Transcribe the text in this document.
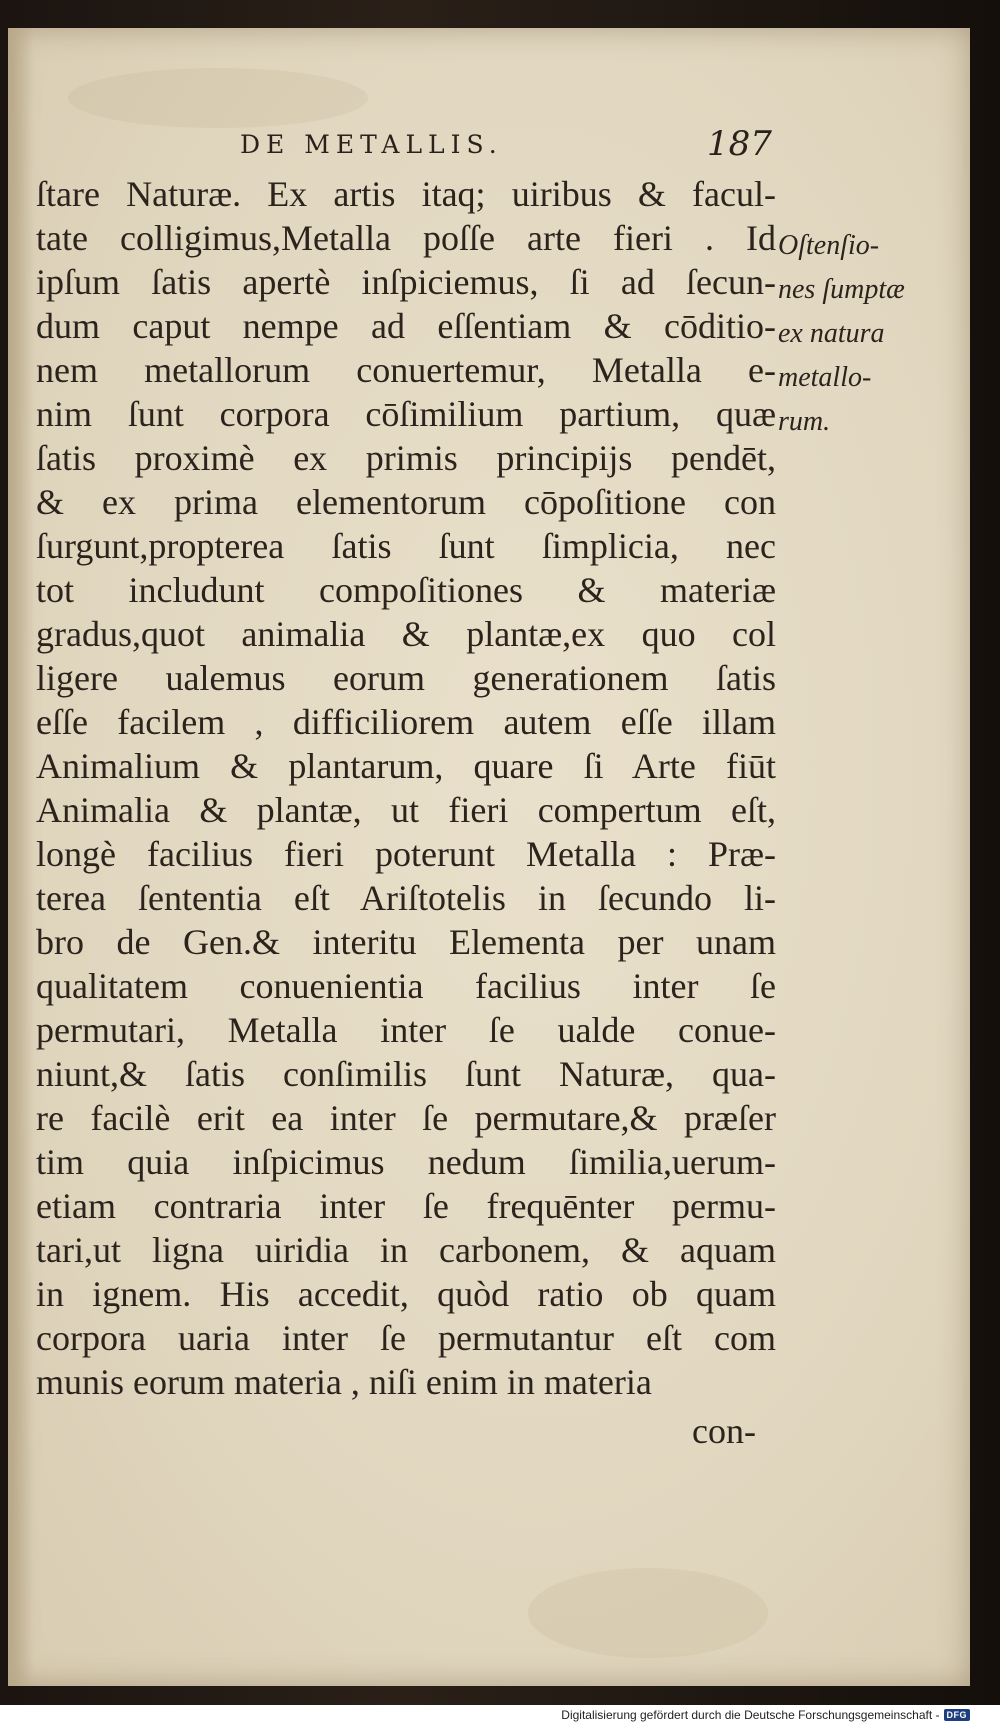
DE METALLIS.	187
ſtare Naturæ. Ex artis itaq; uiribus & facul-
tate colligimus,Metalla poſſe arte fieri . Id
ipſum ſatis apertè inſpiciemus, ſi ad ſecun-
dum caput nempe ad eſſentiam & cōditio-
nem metallorum conuertemur, Metalla e-
nim ſunt corpora cōſimilium partium, quæ
ſatis proximè ex primis principijs pendēt,
& ex prima elementorum cōpoſitione con
ſurgunt,propterea ſatis ſunt ſimplicia, nec
tot includunt compoſitiones & materiæ
gradus,quot animalia & plantæ,ex quo col
ligere ualemus eorum generationem ſatis
eſſe facilem , difficiliorem autem eſſe illam
Animalium & plantarum, quare ſi Arte fiūt
Animalia & plantæ, ut fieri compertum eſt,
longè facilius fieri poterunt Metalla : Præ-
terea ſententia eſt Ariſtotelis in ſecundo li-
bro de Gen.& interitu Elementa per unam
qualitatem conuenientia facilius inter ſe
permutari, Metalla inter ſe ualde conue-
niunt,& ſatis conſimilis ſunt Naturæ, qua-
re facilè erit ea inter ſe permutare,& præſer
tim quia inſpicimus nedum ſimilia,uerum-
etiam contraria inter ſe frequēnter permu-
tari,ut ligna uiridia in carbonem, & aquam
in ignem. His accedit, quòd ratio ob quam
corpora uaria inter ſe permutantur eſt com
munis eorum materia , niſi enim in materia
con-
Oſtenſio-
nes ſumptæ
ex natura
metallo-
rum.
Digitalisierung gefördert durch die Deutsche Forschungsgemeinschaft - DFG
